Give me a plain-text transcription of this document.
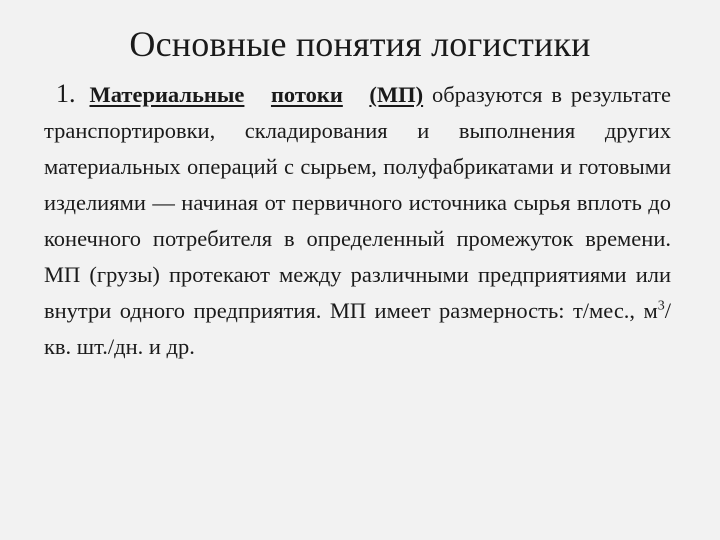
Основные понятия логистики
1. Материальные потоки (МП) образуются в результате транспортировки, складирования и выполнения других материальных операций с сырьем, полуфабрикатами и готовыми изделиями — начиная от первичного источника сырья вплоть до конечного потребителя в определенный промежуток времени. МП (грузы) протекают между различными предприятиями или внутри одного предприятия. МП имеет размерность: т/мес., $м^3/кв$. шт./дн. и др.
